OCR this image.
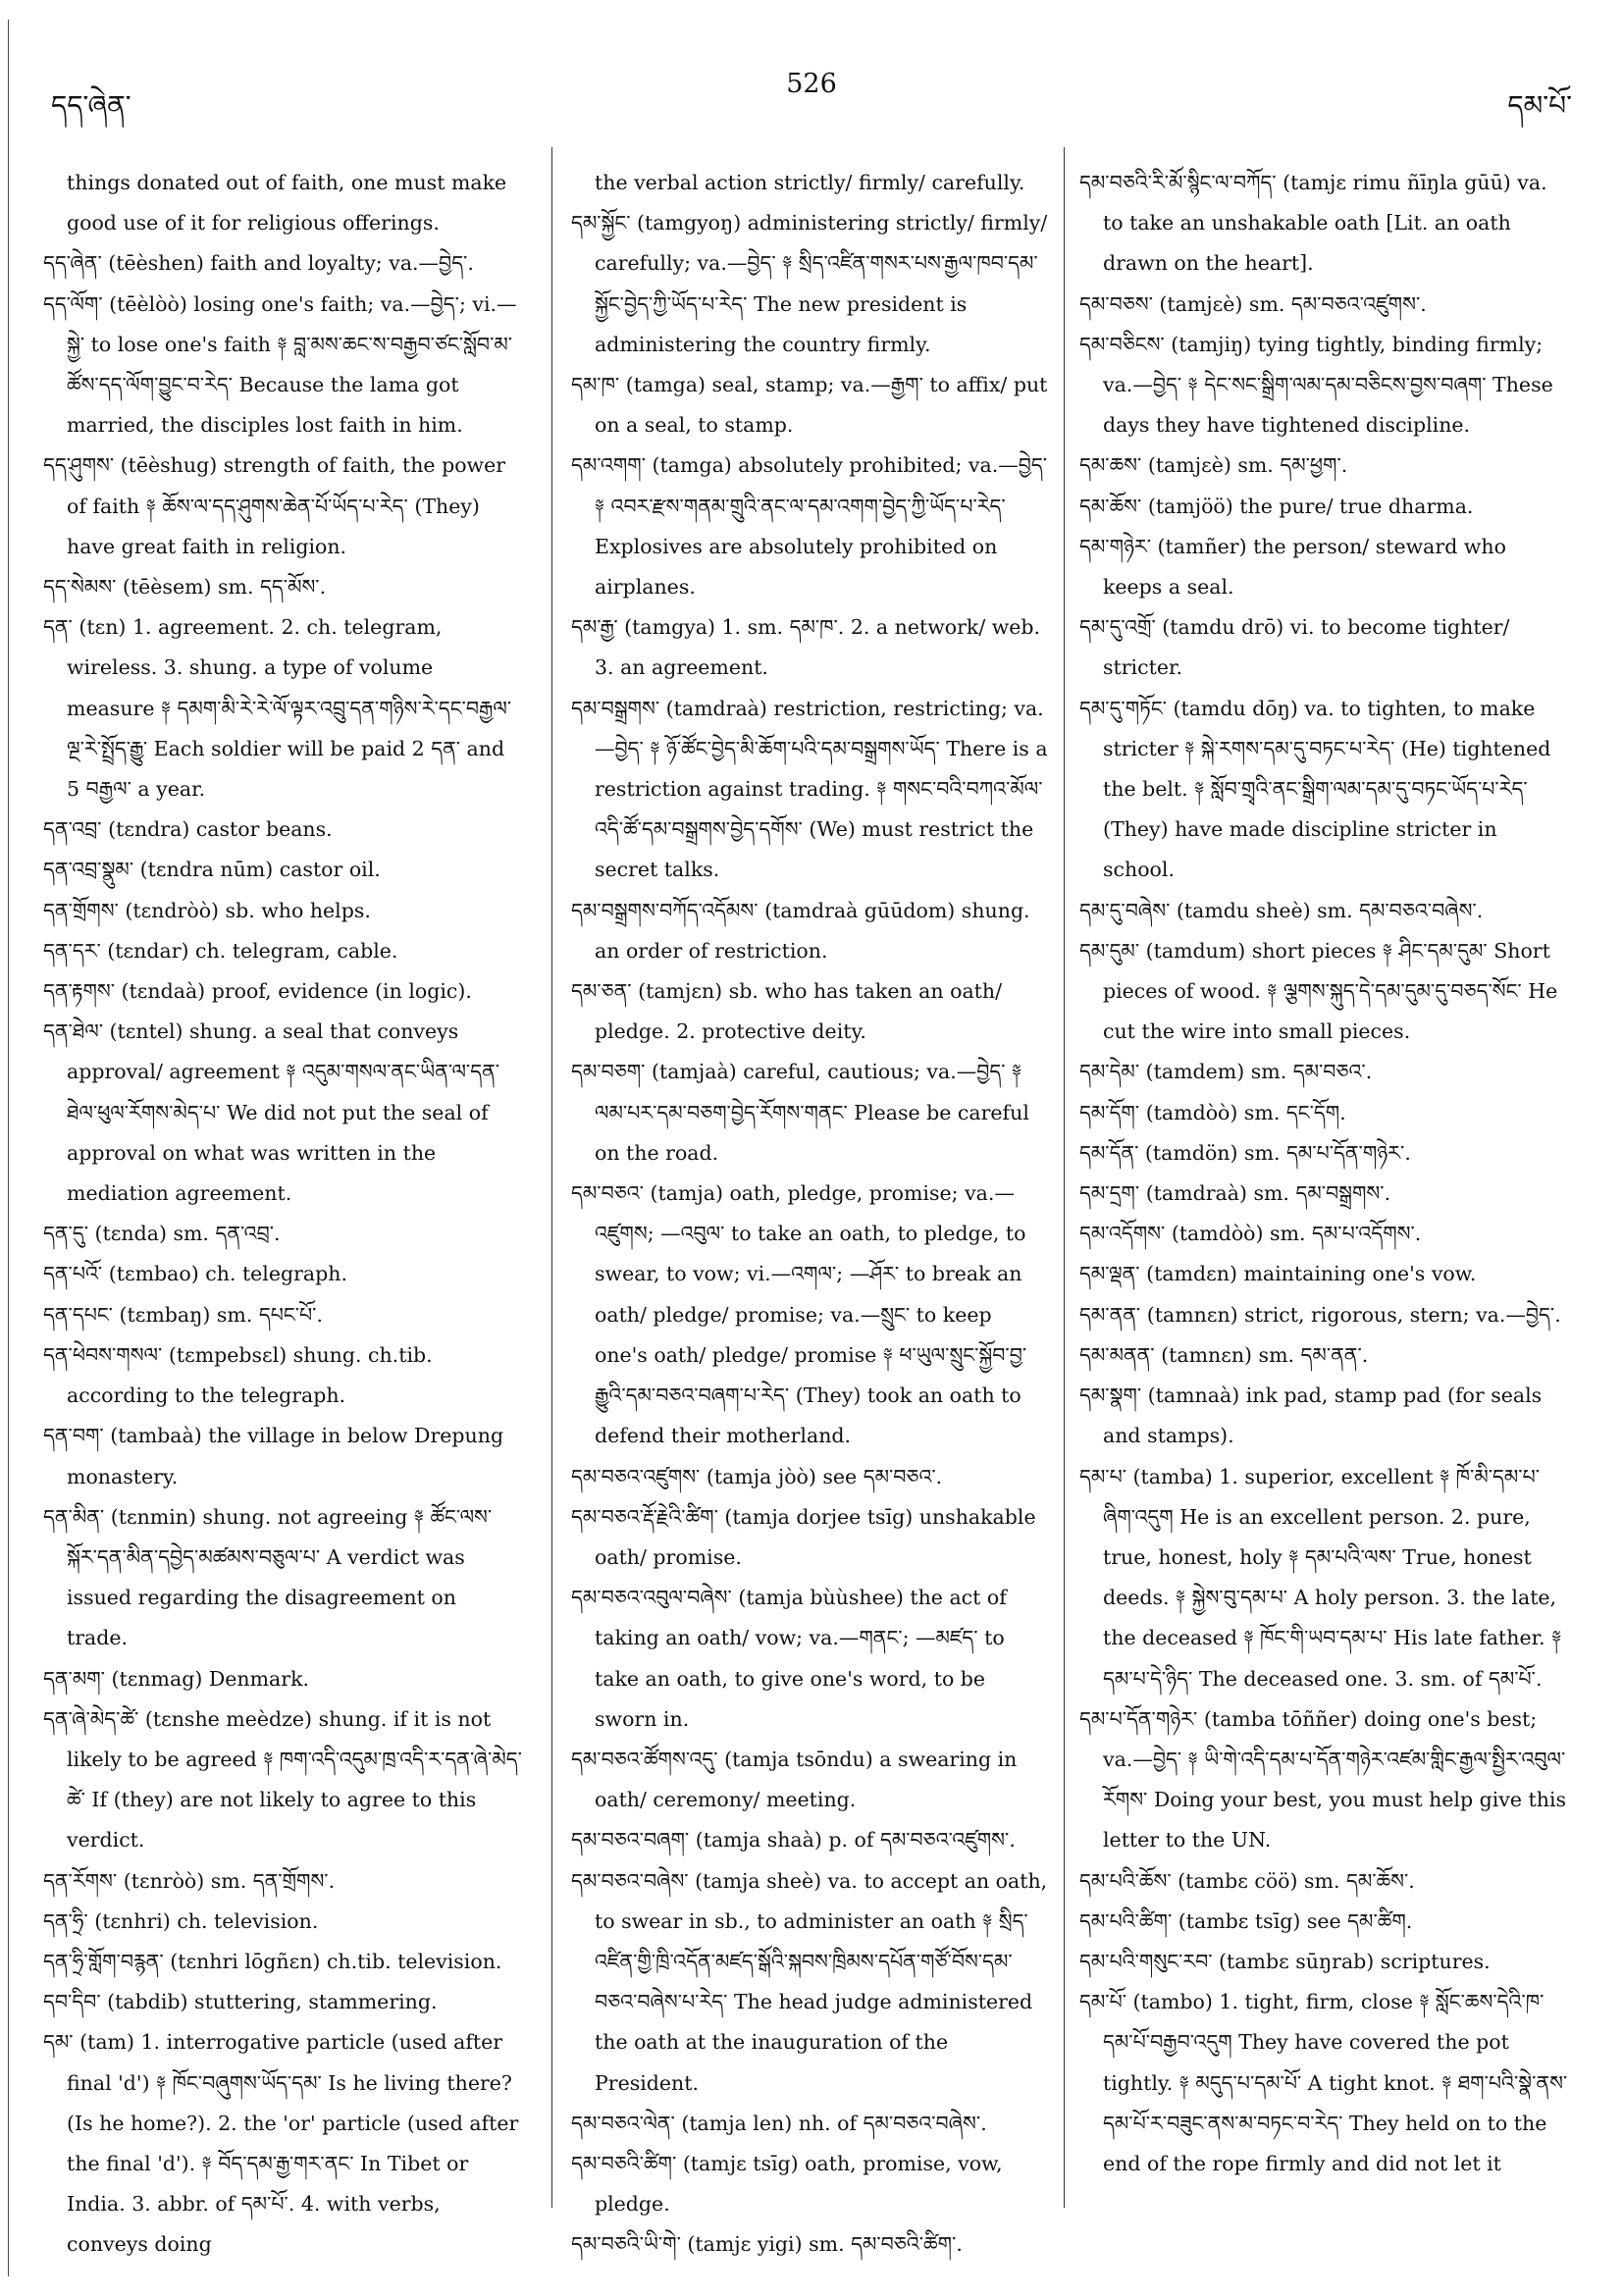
དད་ཞེན་
526
དམ་པོ་

things donated out of faith, one must make good use of it for religious offerings.

དད་ཞེན་ (tēèshen) faith and loyalty; va.—བྱེད་.

དད་ལོག་ (tēèlòò) losing one's faith; va.—བྱེད་; vi.—སྐྱེ་ to lose one's faith ༈ བླ་མས་ཆང་ས་བརྒྱབ་ཙང་སློབ་མ་ཚོས་དད་ལོག་བྱུང་བ་རེད་ Because the lama got married, the disciples lost faith in him.

དད་ཤུགས་ (tēèshug) strength of faith, the power of faith ༈ ཆོས་ལ་དད་ཤུགས་ཆེན་པོ་ཡོད་པ་རེད་ (They) have great faith in religion.

དད་སེམས་ (tēèsem) sm. དད་མོས་.

དན་ (tɛn) 1. agreement. 2. ch. telegram, wireless. 3. shung. a type of volume measure ༈ དམག་མི་རེ་རེ་ལོ་ལྟར་འབྲུ་དན་གཉིས་རེ་དང་བརྒྱལ་ལྔ་རེ་སྤྲོད་རྒྱུ་ Each soldier will be paid 2 དན་ and 5 བརྒྱལ་ a year.

དན་འབྲ་ (tɛndra) castor beans.

དན་འབྲ་སྣུམ་ (tɛndra nūm) castor oil.

དན་གྲོགས་ (tɛndròò) sb. who helps.

དན་དར་ (tɛndar) ch. telegram, cable.

དན་རྟགས་ (tɛndaà) proof, evidence (in logic).

དན་ཐེལ་ (tɛntel) shung. a seal that conveys approval/ agreement ༈ འདུམ་གསལ་ནང་ཡིན་ལ་དན་ཐེལ་ཕུལ་རོགས་མེད་པ་ We did not put the seal of approval on what was written in the mediation agreement.

དན་དུ་ (tɛnda) sm. དན་འབྲ་.

དན་པའོ་ (tɛmbao) ch. telegraph.

དན་དཔང་ (tɛmbaŋ) sm. དཔང་པོ་.

དན་ཕེབས་གསལ་ (tɛmpebsɛl) shung. ch.tib. according to the telegraph.

དན་བག་ (tambaà) the village in below Drepung monastery.

དན་མིན་ (tɛnmin) shung. not agreeing ༈ ཚོང་ལས་སྐོར་དན་མིན་དབྱེད་མཚམས་བཅུལ་པ་ A verdict was issued regarding the disagreement on trade.

དན་མག་ (tɛnmag) Denmark.

དན་ཞེ་མེད་ཚེ་ (tɛnshe meèdze) shung. if it is not likely to be agreed ༈ ཁག་འདི་འདུམ་ཁྲ་འདི་ར་དན་ཞེ་མེད་ཚེ་ If (they) are not likely to agree to this verdict.

དན་རོགས་ (tɛnròò) sm. དན་གྲོགས་.

དན་ཧྲི་ (tɛnhri) ch. television.

དན་ཧྲི་གློག་བརྙན་ (tɛnhri lōgñɛn) ch.tib. television.

དབ་དིབ་ (tabdib) stuttering, stammering.

དམ་ (tam) 1. interrogative particle (used after final 'd') ༈ ཁོང་བཞུགས་ཡོད་དམ་ Is he living there? (Is he home?). 2. the 'or' particle (used after the final 'd'). ༈ བོད་དམ་རྒྱ་གར་ནང་ In Tibet or India. 3. abbr. of དམ་པོ་. 4. with verbs, conveys doing

the verbal action strictly/ firmly/ carefully.

དམ་སྐྱོང་ (tamgyoŋ) administering strictly/ firmly/ carefully; va.—བྱེད་ ༈ སྲིད་འཛིན་གསར་པས་རྒྱལ་ཁབ་དམ་སྐྱོང་བྱེད་ཀྱི་ཡོད་པ་རེད་ The new president is administering the country firmly.

དམ་ཁ་ (tamga) seal, stamp; va.—རྒྱག་ to affix/ put on a seal, to stamp.

དམ་འགག་ (tamga) absolutely prohibited; va.—བྱེད་ ༈ འབར་རྫས་གནམ་གྲུའི་ནང་ལ་དམ་འགག་བྱེད་ཀྱི་ཡོད་པ་རེད་ Explosives are absolutely prohibited on airplanes.

དམ་རྒྱ་ (tamgya) 1. sm. དམ་ཁ་. 2. a network/ web. 3. an agreement.

དམ་བསྒྲགས་ (tamdraà) restriction, restricting; va.—བྱེད་ ༈ ཉོ་ཚོང་བྱེད་མི་ཆོག་པའི་དམ་བསྒྲགས་ཡོད་ There is a restriction against trading. ༈ གསང་བའི་བཀའ་མོལ་འདི་ཚོ་དམ་བསྒྲགས་བྱེད་དགོས་ (We) must restrict the secret talks.

དམ་བསྒྲགས་བཀོད་འདོམས་ (tamdraà gūūdom) shung. an order of restriction.

དམ་ཅན་ (tamjɛn) sb. who has taken an oath/ pledge. 2. protective deity.

དམ་བཅག་ (tamjaà) careful, cautious; va.—བྱེད་ ༈ ལམ་པར་དམ་བཅག་བྱེད་རོགས་གནང་ Please be careful on the road.

དམ་བཅའ་ (tamja) oath, pledge, promise; va.—འཛུགས; —འབུལ་ to take an oath, to pledge, to swear, to vow; vi.—འགལ་; —ཤོར་ to break an oath/ pledge/ promise; va.—སྲུང་ to keep one's oath/ pledge/ promise ༈ ཕ་ཡུལ་སྲུང་སྐྱོབ་བྱ་རྒྱུའི་དམ་བཅའ་བཞག་པ་རེད་ (They) took an oath to defend their motherland.

དམ་བཅའ་འཛུགས་ (tamja jòò) see དམ་བཅའ་.

དམ་བཅའ་རྡོ་རྗེའི་ཚིག་ (tamja dorjee tsīg) unshakable oath/ promise.

དམ་བཅའ་འབུལ་བཞེས་ (tamja bùùshee) the act of taking an oath/ vow; va.—གནང་; —མཛད་ to take an oath, to give one's word, to be sworn in.

དམ་བཅའ་ཚོགས་འདུ་ (tamja tsōndu) a swearing in oath/ ceremony/ meeting.

དམ་བཅའ་བཞག་ (tamja shaà) p. of དམ་བཅའ་འཛུགས་.

དམ་བཅའ་བཞེས་ (tamja sheè) va. to accept an oath, to swear in sb., to administer an oath ༈ སྲིད་འཛིན་གྱི་ཁྲི་འདོན་མཛད་སྒོའི་སྐབས་ཁྲིམས་དཔོན་གཙོ་བོས་དམ་བཅའ་བཞེས་པ་རེད་ The head judge administered the oath at the inauguration of the President.

དམ་བཅའ་ལེན་ (tamja len) nh. of དམ་བཅའ་བཞེས་.

དམ་བཅའི་ཚིག་ (tamjɛ tsīg) oath, promise, vow, pledge.

དམ་བཅའི་ཡི་གེ་ (tamjɛ yigi) sm. དམ་བཅའི་ཚིག་.

དམ་བཅའི་རི་མོ་སྙིང་ལ་བཀོད་ (tamjɛ rimu ñīŋla gūū) va. to take an unshakable oath [Lit. an oath drawn on the heart].

དམ་བཅས་ (tamjɛè) sm. དམ་བཅའ་འཛུགས་.

དམ་བཅིངས་ (tamjiŋ) tying tightly, binding firmly; va.—བྱེད་ ༈ དེང་སང་སྒྲིག་ལམ་དམ་བཅིངས་བྱས་བཞག་ These days they have tightened discipline.

དམ་ཆས་ (tamjɛè) sm. དམ་ཕྱག་.

དམ་ཆོས་ (tamjöö) the pure/ true dharma.

དམ་གཉེར་ (tamñer) the person/ steward who keeps a seal.

དམ་དུ་འགྲོ་ (tamdu drō) vi. to become tighter/ stricter.

དམ་དུ་གཏོང་ (tamdu dōŋ) va. to tighten, to make stricter ༈ སྐེ་རགས་དམ་དུ་བཏང་པ་རེད་ (He) tightened the belt. ༈ སློབ་གྲྭའི་ནང་སྒྲིག་ལམ་དམ་དུ་བཏང་ཡོད་པ་རེད་ (They) have made discipline stricter in school.

དམ་དུ་བཞེས་ (tamdu sheè) sm. དམ་བཅའ་བཞེས་.

དམ་དུམ་ (tamdum) short pieces ༈ ཤིང་དམ་དུམ་ Short pieces of wood. ༈ ལྕགས་སྐུད་དེ་དམ་དུམ་དུ་བཅད་སོང་ He cut the wire into small pieces.

དམ་དེམ་ (tamdem) sm. དམ་བཅའ་.

དམ་དོག་ (tamdòò) sm. དང་དོག.

དམ་དོན་ (tamdön) sm. དམ་པ་དོན་གཉེར་.

དམ་དྲག་ (tamdraà) sm. དམ་བསྒྲགས་.

དམ་འདོགས་ (tamdòò) sm. དམ་པ་འདོགས་.

དམ་ལྡན་ (tamdɛn) maintaining one's vow.

དམ་ནན་ (tamnɛn) strict, rigorous, stern; va.—བྱེད་.

དམ་མནན་ (tamnɛn) sm. དམ་ནན་.

དམ་སྣག་ (tamnaà) ink pad, stamp pad (for seals and stamps).

དམ་པ་ (tamba) 1. superior, excellent ༈ ཁོ་མི་དམ་པ་ཞིག་འདུག He is an excellent person. 2. pure, true, honest, holy ༈ དམ་པའི་ལས་ True, honest deeds. ༈ སྐྱེས་བུ་དམ་པ་ A holy person. 3. the late, the deceased ༈ ཁོང་གི་ཡབ་དམ་པ་ His late father. ༈ དམ་པ་དེ་ཉིད་ The deceased one. 3. sm. of དམ་པོ་.

དམ་པ་དོན་གཉེར་ (tamba tōññer) doing one's best; va.—བྱེད་ ༈ ཡི་གེ་འདི་དམ་པ་དོན་གཉེར་འཛམ་གླིང་རྒྱལ་སྤྱིར་འབུལ་རོགས་ Doing your best, you must help give this letter to the UN.

དམ་པའི་ཆོས་ (tambɛ cöö) sm. དམ་ཆོས་.

དམ་པའི་ཚིག་ (tambɛ tsīg) see དམ་ཚིག.

དམ་པའི་གསུང་རབ་ (tambɛ sūŋrab) scriptures.

དམ་པོ་ (tambo) 1. tight, firm, close ༈ སློང་ཆས་དེའི་ཁ་དམ་པོ་བརྒྱབ་འདུག They have covered the pot tightly. ༈ མདུད་པ་དམ་པོ་ A tight knot. ༈ ཐག་པའི་སྣེ་ནས་དམ་པོ་ར་བཟུང་ནས་མ་བཏང་བ་རེད་ They held on to the end of the rope firmly and did not let it
